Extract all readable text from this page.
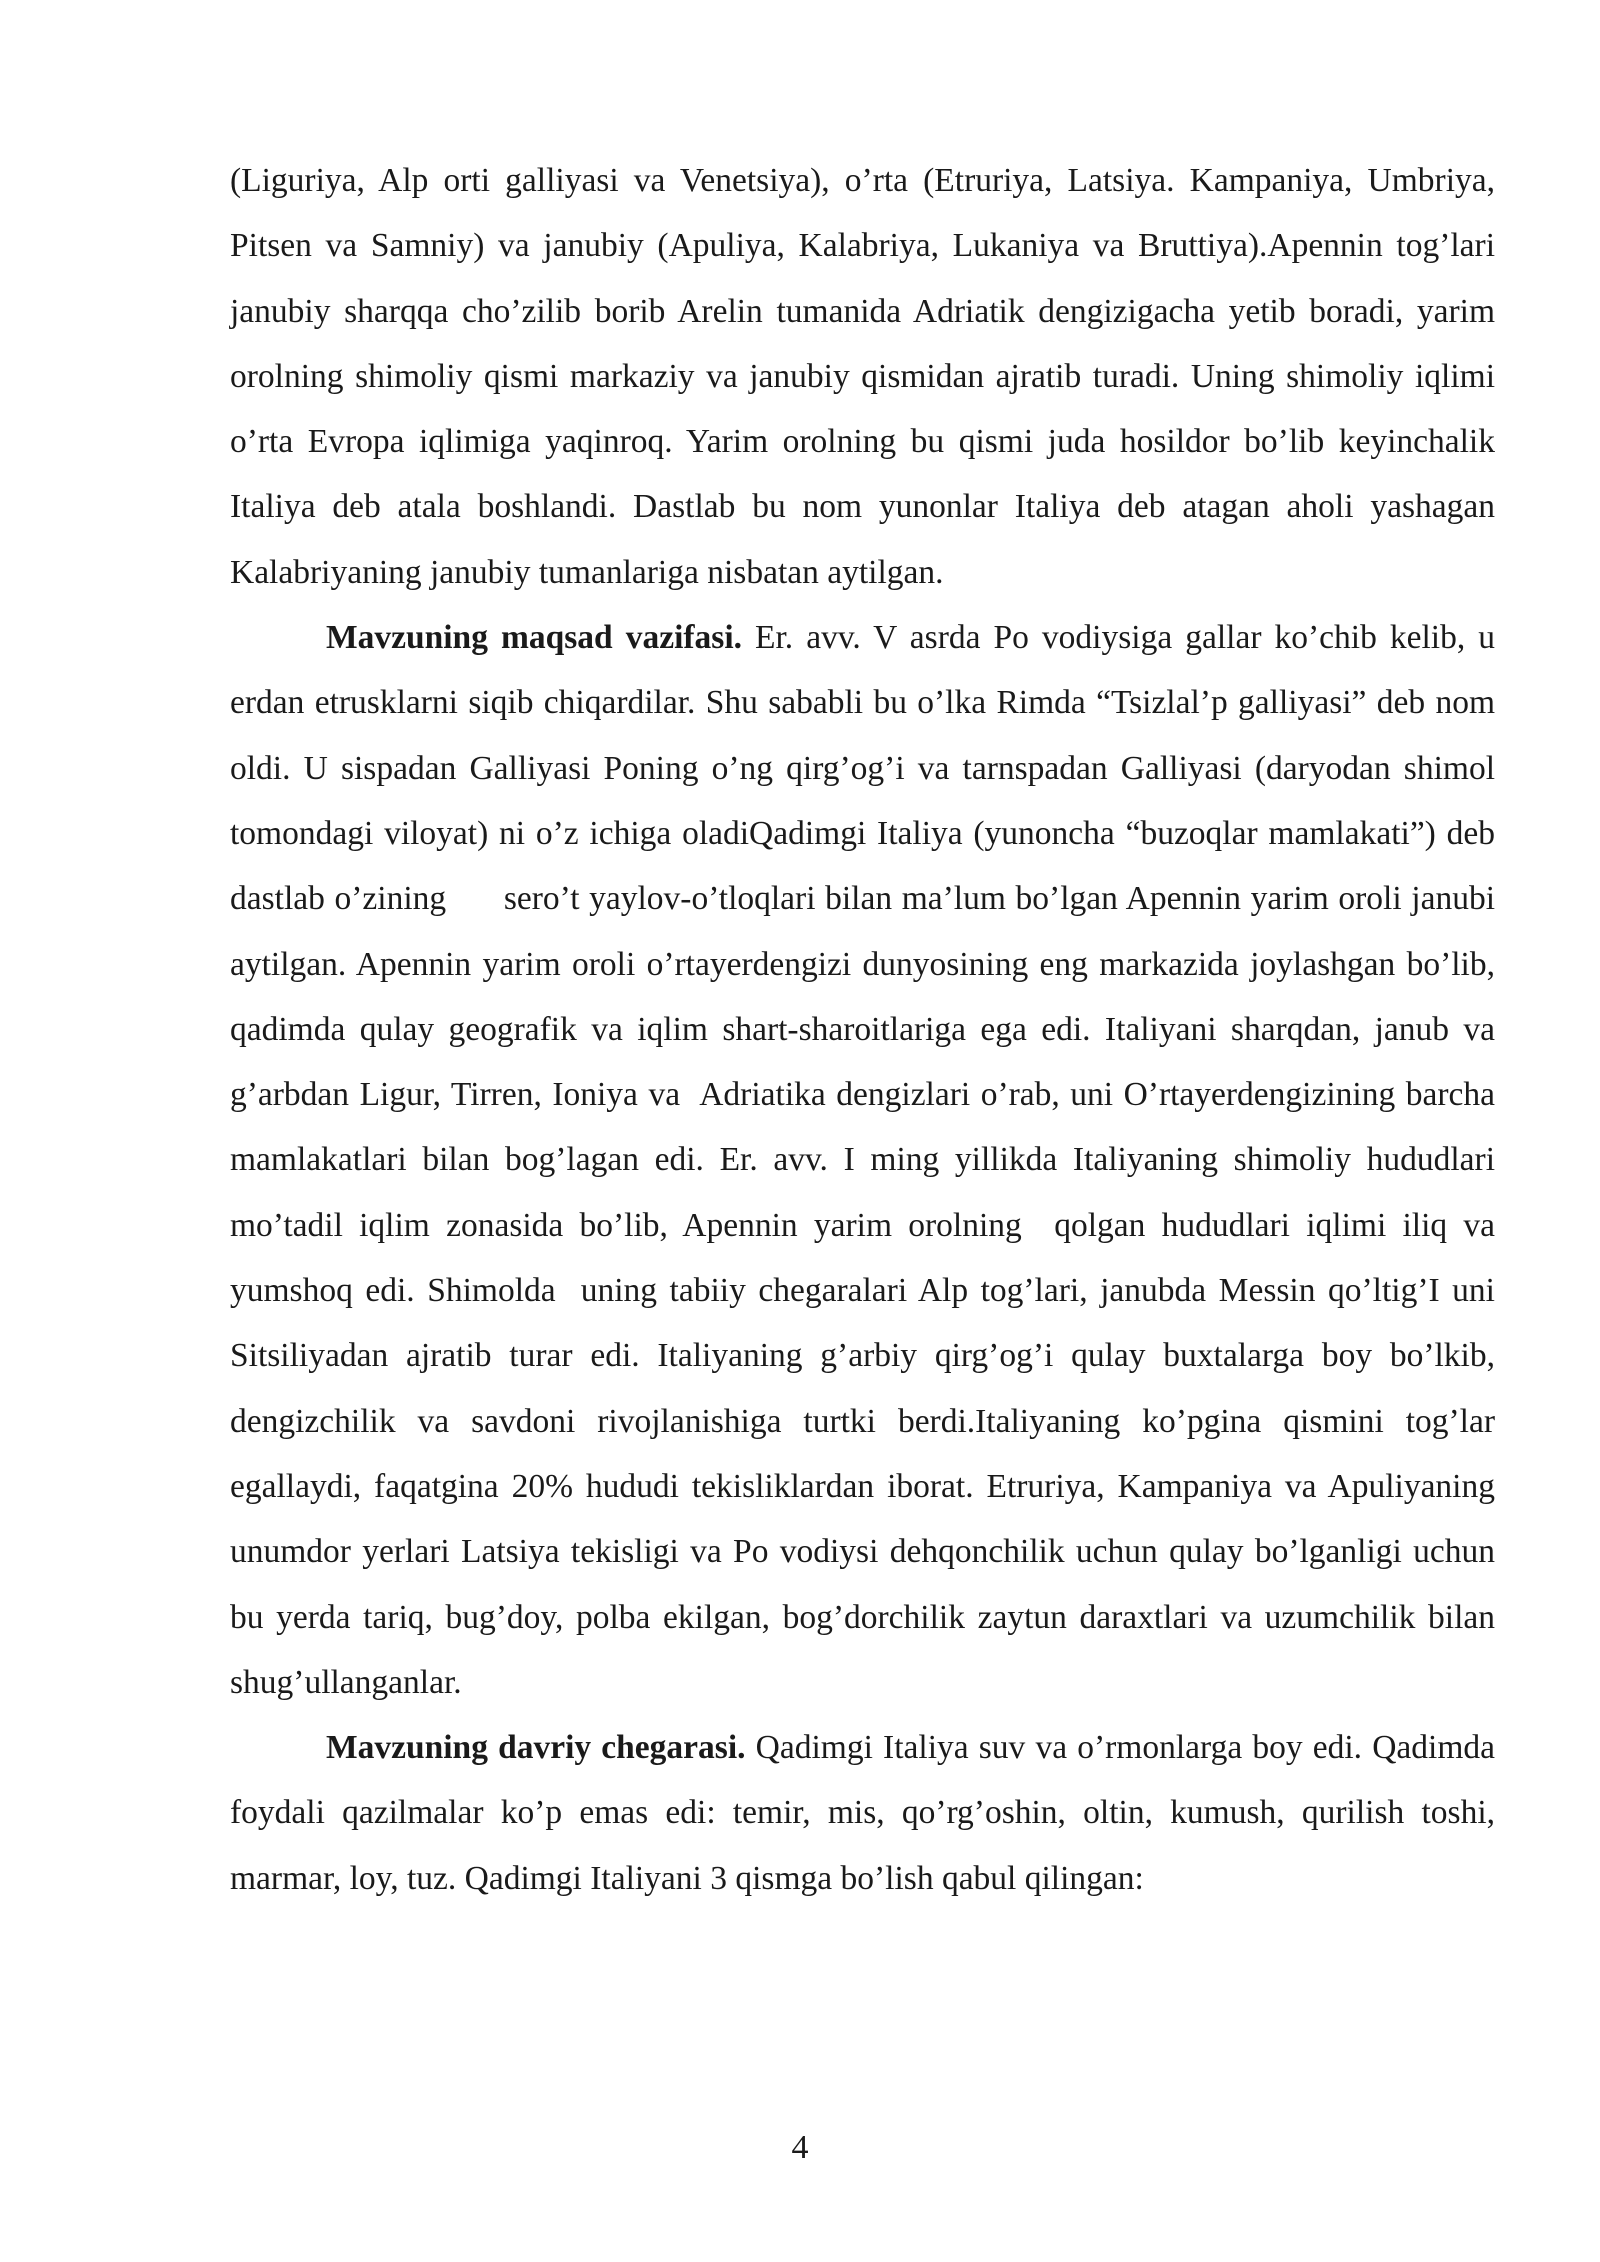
(Liguriya, Alp orti galliyasi va Venetsiya), o’rta (Etruriya, Latsiya. Kampaniya, Umbriya, Pitsen va Samniy) va janubiy (Apuliya, Kalabriya, Lukaniya va Bruttiya).Apennin tog’lari janubiy sharqqa cho’zilib borib Arelin tumanida Adriatik dengizigacha yetib boradi, yarim orolning shimoliy qismi markaziy va janubiy qismidan ajratib turadi. Uning shimoliy iqlimi o’rta Evropa iqlimiga yaqinroq. Yarim orolning bu qismi juda hosildor bo’lib keyinchalik Italiya deb atala boshlandi. Dastlab bu nom yunonlar Italiya deb atagan aholi yashagan Kalabriyaning janubiy tumanlariga nisbatan aytilgan.

Mavzuning maqsad vazifasi. Er. avv. V asrda Po vodiysiga gallar ko’chib kelib, u erdan etrusklarni siqib chiqardilar. Shu sababli bu o’lka Rimda “Tsizlal’p galliyasi” deb nom oldi. U sispadan Galliyasi Poning o’ng qirg’og’i va tarnspadan Galliyasi (daryodan shimol tomondagi viloyat) ni o’z ichiga oladiQadimgi Italiya (yunoncha “buzoqlar mamlakati”) deb dastlab o’zining      sero’t yaylov-o’tloqlari bilan ma’lum bo’lgan Apennin yarim oroli janubi aytilgan. Apennin yarim oroli o’rtayerdengizi dunyosining eng markazida joylashgan bo’lib, qadimda qulay geografik va iqlim shart-sharoitlariga ega edi. Italiyani sharqdan, janub va g’arbdan Ligur, Tirren, Ioniya va  Adriatika dengizlari o’rab, uni O’rtayerdengizining barcha mamlakatlari bilan bog’lagan edi. Er. avv. I ming yillikda Italiyaning shimoliy hududlari mo’tadil iqlim zonasida bo’lib, Apennin yarim orolning  qolgan hududlari iqlimi iliq va yumshoq edi. Shimolda  uning tabiiy chegaralari Alp tog’lari, janubda Messin qo’ltig’I uni Sitsiliyadan ajratib turar edi. Italiyaning g’arbiy qirg’og’i qulay buxtalarga boy bo’lkib, dengizchilik va savdoni rivojlanishiga turtki berdi.Italiyaning ko’pgina qismini tog’lar egallaydi, faqatgina 20% hududi tekisliklardan iborat. Etruriya, Kampaniya va Apuliyaning unumdor yerlari Latsiya tekisligi va Po vodiysi dehqonchilik uchun qulay bo’lganligi uchun bu yerda tariq, bug’doy, polba ekilgan, bog’dorchilik zaytun daraxtlari va uzumchilik bilan shug’ullanganlar.

Mavzuning davriy chegarasi. Qadimgi Italiya suv va o’rmonlarga boy edi. Qadimda foydali qazilmalar ko’p emas edi: temir, mis, qo’rg’oshin, oltin, kumush, qurilish toshi, marmar, loy, tuz. Qadimgi Italiyani 3 qismga bo’lish qabul qilingan:

4
